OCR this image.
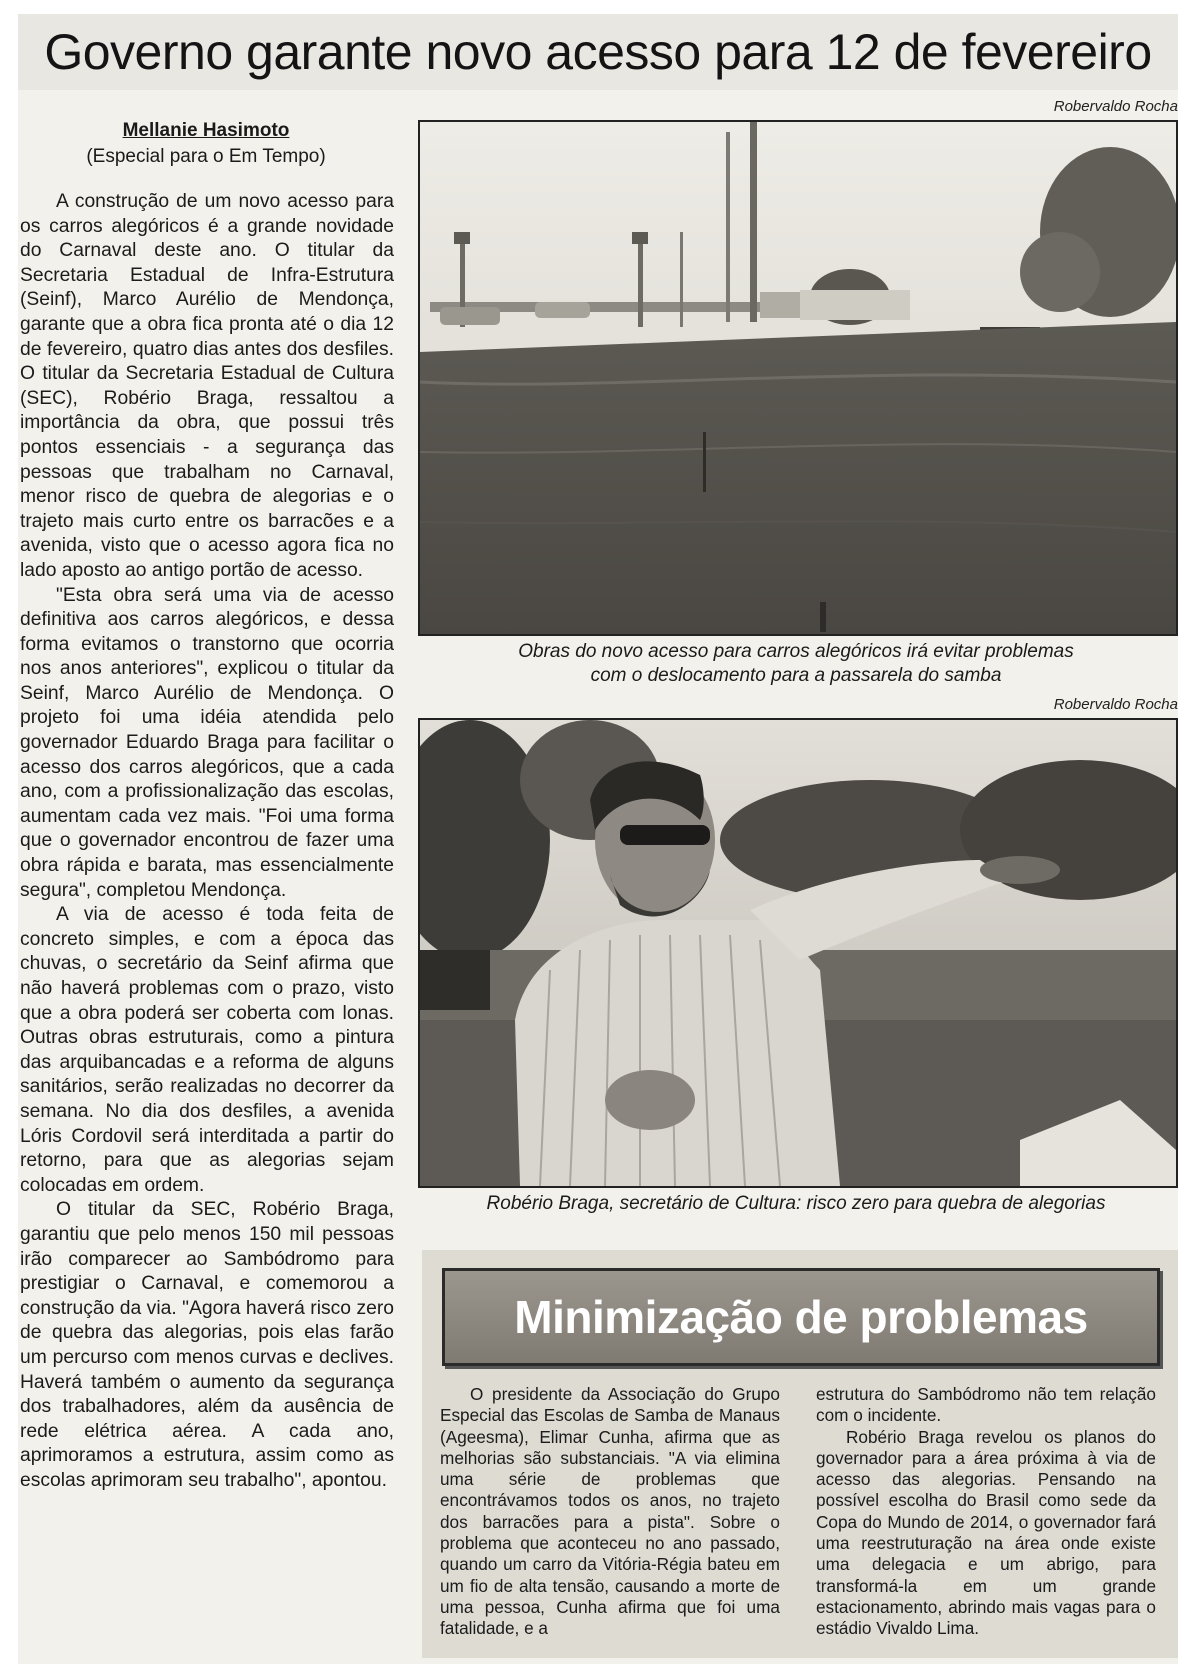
Governo garante novo acesso para 12 de fevereiro
Mellanie Hasimoto
(Especial para o Em Tempo)

A construção de um novo acesso para os carros alegóricos é a grande novidade do Carnaval deste ano. O titular da Secretaria Estadual de Infra-Estrutura (Seinf), Marco Aurélio de Mendonça, garante que a obra fica pronta até o dia 12 de fevereiro, quatro dias antes dos desfiles. O titular da Secretaria Estadual de Cultura (SEC), Robério Braga, ressaltou a importância da obra, que possui três pontos essenciais - a segurança das pessoas que trabalham no Carnaval, menor risco de quebra de alegorias e o trajeto mais curto entre os barracões e a avenida, visto que o acesso agora fica no lado aposto ao antigo portão de acesso.

"Esta obra será uma via de acesso definitiva aos carros alegóricos, e dessa forma evitamos o transtorno que ocorria nos anos anteriores", explicou o titular da Seinf, Marco Aurélio de Mendonça. O projeto foi uma idéia atendida pelo governador Eduardo Braga para facilitar o acesso dos carros alegóricos, que a cada ano, com a profissionalização das escolas, aumentam cada vez mais. "Foi uma forma que o governador encontrou de fazer uma obra rápida e barata, mas essencialmente segura", completou Mendonça.

A via de acesso é toda feita de concreto simples, e com a época das chuvas, o secretário da Seinf afirma que não haverá problemas com o prazo, visto que a obra poderá ser coberta com lonas. Outras obras estruturais, como a pintura das arquibancadas e a reforma de alguns sanitários, serão realizadas no decorrer da semana. No dia dos desfiles, a avenida Lóris Cordovil será interditada a partir do retorno, para que as alegorias sejam colocadas em ordem.

O titular da SEC, Robério Braga, garantiu que pelo menos 150 mil pessoas irão comparecer ao Sambódromo para prestigiar o Carnaval, e comemorou a construção da via. "Agora haverá risco zero de quebra das alegorias, pois elas farão um percurso com menos curvas e declives. Haverá também o aumento da segurança dos trabalhadores, além da ausência de rede elétrica aérea. A cada ano, aprimoramos a estrutura, assim como as escolas aprimoram seu trabalho", apontou.

Robervaldo Rocha
Obras do novo acesso para carros alegóricos irá evitar problemas
com o deslocamento para a passarela do samba
Robervaldo Rocha
Robério Braga, secretário de Cultura: risco zero para quebra de alegorias
Minimização de problemas

O presidente da Associação do Grupo Especial das Escolas de Samba de Manaus (Ageesma), Elimar Cunha, afirma que as melhorias são substanciais. "A via elimina uma série de problemas que encontrávamos todos os anos, no trajeto dos barracões para a pista". Sobre o problema que aconteceu no ano passado, quando um carro da Vitória-Régia bateu em um fio de alta tensão, causando a morte de uma pessoa, Cunha afirma que foi uma fatalidade, e a

estrutura do Sambódromo não tem relação com o incidente.

Robério Braga revelou os planos do governador para a área próxima à via de acesso das alegorias. Pensando na possível escolha do Brasil como sede da Copa do Mundo de 2014, o governador fará uma reestruturação na área onde existe uma delegacia e um abrigo, para transformá-la em um grande estacionamento, abrindo mais vagas para o estádio Vivaldo Lima.
